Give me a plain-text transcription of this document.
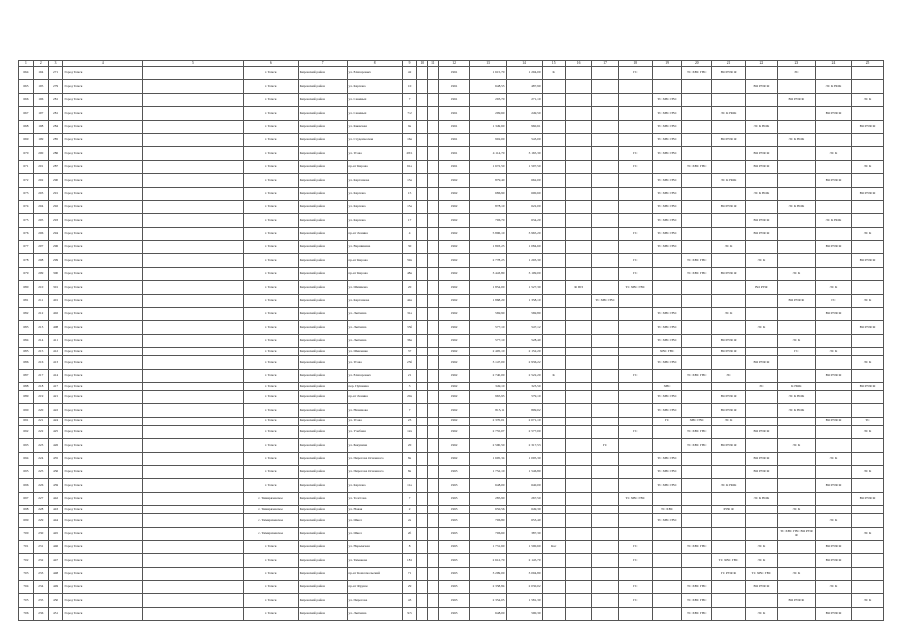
1	2	3	4	5	6	7	8	9	10	11	12	13	14	15	16	17	18	19	20	21	22	23	24	25
664	194	271	Город Томск		г. Томск	Кировский район	ул. Елизаровых	42			1961	1 615,70	1 294,00	К			ГС		ТС ХВС ГВС	ВО РУФ Ф		ЭС		
665	195	279	Город Томск		г. Томск	Кировский район	ул. Карпова	10			1961	648,53	487,90								ВО РУФ Ф		ЭС К НОК	
666	196	281	Город Томск		г. Томск	Кировский район	ул. Савиных	7			1961	293,70	271,10					ТС ХВС ГВС				ВО РУФ Ф		ЭС К
667	197	281	Город Томск		г. Томск	Кировский район	ул. Савиных	7/2			1961	299,60	249,50					ТС ХВС ГВС		ЭС К НОК			ВО РУФ Ф	
668	198	284	Город Томск		г. Томск	Кировский район	ул. Киевская	9а			1961	1 349,60	960,61					ТС ХВС ГВС			ЭС К НОК			ВО РУФ Ф
669	199	285	Город Томск		г. Томск	Кировский район	ул. Студенческая	16а			1961	902,00	543,00					ТС ХВС ГВС		ВО РУФ Ф		ЭС К НОК		
670	200	286	Город Томск		г. Томск	Кировский район	ул. Усова	28/1			1961	4 114,70	3 165,30				ГС	ТС ХВС ГВС			ВО РУФ Ф		ЭС К	
671	201	287	Город Томск		г. Томск	Кировский район	пр-кт Кирова	61а			1961	1 672,50	1 597,50				ГС		ТС ХВС ГВС		ВО РУФ Ф			ЭС К
672	202	290	Город Томск		г. Томск	Кировский район	ул. Карташова	13а			1962	879,40	662,00					ТС ХВС ГВС		ЭС К НОК			ВО РУФ Ф	
673	203	291	Город Томск		г. Томск	Кировский район	ул. Карпова	15			1962	686,90	600,60					ТС ХВС ГВС			ЭС К НОК			ВО РУФ Ф
674	204	292	Город Томск		г. Томск	Кировский район	ул. Карпова	15а			1962	878,10	622,00					ТС ХВС ГВС		ВО РУФ Ф		ЭС К НОК		
675	205	293	Город Томск		г. Томск	Кировский район	ул. Карпова	17			1962	706,70	634,20					ТС ХВС ГВС			ВО РУФ Ф		ЭС К НОК	
676	206	294	Город Томск		г. Томск	Кировский район	пр-кт Ленина	4			1962	5 896,10	3 965,20				ГС	ТС ХВС ГВС			ВО РУФ Ф			ЭС К
677	207	296	Город Томск		г. Томск	Кировский район	ул. Вершинина	30			1962	1 803,23	1 084,60					ТС ХВС ГВС		ЭС К			ВО РУФ Ф	
678	208	299	Город Томск		г. Томск	Кировский район	пр-кт Кирова	59а			1962	2 778,23	1 293,30				ГС		ТС ХВС ГВС		ЭС К			ВО РУФ Ф
679	209	300	Город Томск		г. Томск	Кировский район	пр-кт Кирова	48а			1962	3 443,80	3 109,00				ГС		ТС ХВС ГВС	ВО РУФ Ф		ЭС К		
680	210	301	Город Томск		г. Томск	Кировский район	ул. Шишкова	20			1962	1 854,00	1 527,30		Ф ПП		ТС ХВС ГВС				ВО РУФ		ЭС К	
681	211	401	Город Томск		г. Томск	Кировский район	ул. Карташова	44а			1962	1 868,20	1 358,10			ТС ХВС ГВС						ВО РУФ Ф	ГС	ЭС К
682	212	402	Город Томск		г. Томск	Кировский район	ул. Лыткина	31а			1962	569,90	569,80					ТС ХВС ГВС		ЭС К			ВО РУФ Ф	
683	213	408	Город Томск		г. Томск	Кировский район	ул. Лыткина	35б			1962	577,10	547,12					ТС ХВС ГВС			ЭС К			ВО РУФ Ф
684	214	411	Город Томск		г. Томск	Кировский район	ул. Лыткина	36а			1962	577,10	528,40					ТС ХВС ГВС		ВО РУФ Ф		ЭС К		
685	215	412	Город Томск		г. Томск	Кировский район	ул. Шевченко	37			1962	2 405,10	2 152,20					ХВС ГВС		ВО РУФ Ф		ГС	ЭС К	
686	216	413	Город Томск		г. Томск	Кировский район	ул. Усова	25б			1962	3 147,00	2 936,22					ТС ХВС ГВС			ВО РУФ Ф			ЭС К
687	217	414	Город Томск		г. Томск	Кировский район	ул. Елизаровых	21			1962	2 740,00	2 522,20	К			ГС		ТС ХВС ГВС	ЭС			ВО РУФ Ф	
688	218	417	Город Томск		г. Томск	Кировский район	пер. Пушкина	3			1962	349,10	323,50					ХВС			ЭС	К НОК		ВО РУФ Ф
689	219	421	Город Томск		г. Томск	Кировский район	пр-кт Ленина	20а			1962	965,93	579,10					ТС ХВС ГВС		ВО РУФ Ф		ЭС К НОК		
690	220	422	Город Томск		г. Томск	Кировский район	ул. Нахимова	7			1962	815,11	809,02					ТС ХВС ГВС		ВО РУФ Ф		ЭС К НОК		
691	221	424	Город Томск		г. Томск	Кировский район	ул. Усова	23			1962	2 370,01	2 071,10					ГС	ХВС ГВС	ЭС К			ВО РУФ Ф	ТС
692	222	425	Город Томск		г. Томск	Кировский район	ул. Учебная	12а			1962	2 755,07	2 577,00				ГС		ТС ХВС ГВС		ВО РУФ Ф			ЭС К
693	223	426	Город Томск		г. Томск	Кировский район	ул. Бакунина	20			1962	2 590,50	2 317,53			ГС			ТС ХВС ГВС	ВО РУФ Ф		ЭС К		
694	224	435	Город Томск		г. Томск	Кировский район	ул. Пирогова Основного	8а			1962	1 695,34	1 095,30					ТС ХВС ГВС			ВО РУФ Ф		ЭС К	
695	225	436	Город Томск		г. Томск	Кировский район	ул. Пирогова Основного	8а			1963	1 752,10	1 546,80					ТС ХВС ГВС			ВО РУФ Ф			ЭС К
696	226	439	Город Томск		г. Томск	Кировский район	ул. Карпова	11а			1963	648,00	640,00					ТС ХВС ГВС		ЭС К НОК			ВО РУФ Ф	
697	227	442	Город Томск		г. Тимирязевское	Кировский район	ул. Толстова	7			1963	285,90	267,50				ТС ХВС ГВС				ЭС К НОК			ВО РУФ Ф
698	228	443	Город Томск		г. Тимирязевское	Кировский район	ул. Новая	2			1963	650,56	649,30					ТС ХВС		РУФ Ф		ЭС К		
699	229	444	Город Томск		с. Тимирязевское	Кировский район	ул. Школ	2а			1963	706,80	653,40					ТС ХВС ГВС					ЭС К	
700	230	445	Город Томск		с. Тимирязевское	Кировский район	ул. Школ	2б			1963	706,60	387,30									ТС ХВС ГВС ВО РУФ Ф		ЭС К
701	231	446	Город Томск		г. Томск	Кировский район	ул. Нарымская	8			1963	1 731,60	1 590,60	Кас			ГС		ТС ХВС ГВС		ЭС К		ВО РУФ Ф	
702	232	447	Город Томск		г. Томск	Кировский район	ул. Тимакова	181			1963	2 612,70	2 145,70				ГС			ТС ХВС ГВС	ЭС К		ВО РУФ Ф	
703	233	448	Город Томск		г. Томск	Кировский район	пр-кт Комсомольский	71			1963	3 299,00	3 094,80							ГС РУФ Ф	ТС ХВС ГВС	ЭС К		
704	234	449	Город Томск		г. Томск	Кировский район	пр-кт Фрунзе	29			1963	2 358,84	2 030,02				ГС		ТС ХВС ГВС		ВО РУФ Ф		ЭС К	
705	235	450	Город Томск		г. Томск	Кировский район	ул. Пирогова	43			1963	2 354,05	1 581,30				ГС		ТС ХВС ГВС			ВО РУФ Ф		ЭС К
706	236	451	Город Томск		г. Томск	Кировский район	ул. Лыткина	9/5			1963	648,00	590,30						ТС ХВС ГВС		ЭС К		ВО РУФ Ф	
